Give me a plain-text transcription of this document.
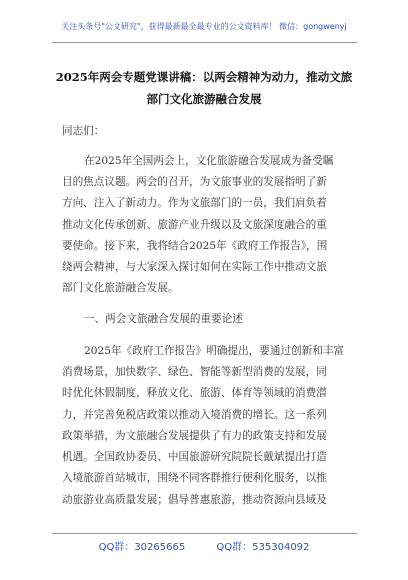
关注头条号"公文研究"，获得最新最全最专业的公文资料库！ 微信：gongwenyj
2025年两会专题党课讲稿：以两会精神为动力，推动文旅
部门文化旅游融合发展
同志们：
在2025年全国两会上，文化旅游融合发展成为备受瞩
目的焦点议题。两会的召开，为文旅事业的发展指明了新
方向、注入了新动力。作为文旅部门的一员，我们肩负着
推动文化传承创新、旅游产业升级以及文旅深度融合的重
要使命。接下来，我将结合2025年《政府工作报告》，围
绕两会精神，与大家深入探讨如何在实际工作中推动文旅
部门文化旅游融合发展。
一、两会文旅融合发展的重要论述
2025年《政府工作报告》明确提出，要通过创新和丰富
消费场景，加快数字、绿色、智能等新型消费的发展，同
时优化休假制度，释放文化、旅游、体育等领域的消费潜
力，并完善免税店政策以推动入境消费的增长。这一系列
政策举措，为文旅融合发展提供了有力的政策支持和发展
机遇。全国政协委员、中国旅游研究院院长戴斌提出打造
入境旅游首站城市，围绕不同客群推行便利化服务，以推
动旅游业高质量发展；倡导普惠旅游，推动资源向县域及
QQ群：30265665	QQ群：535304092
